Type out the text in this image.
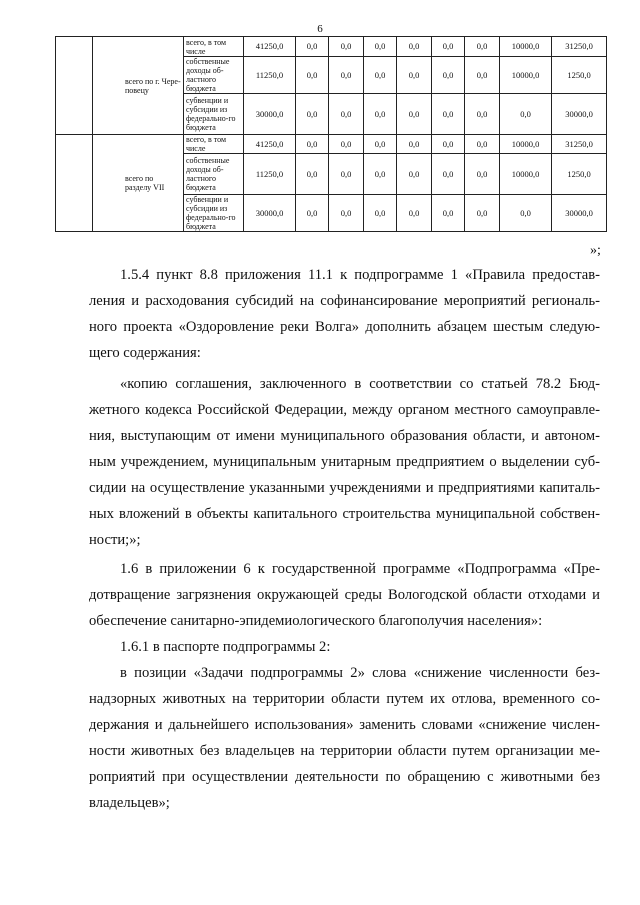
6
	всего по г. Чере-повецу	всего, в том числе	41250,0	0,0	0,0	0,0	0,0	0,0	0,0	10000,0	31250,0
		собственные доходы об-ластного бюджета	11250,0	0,0	0,0	0,0	0,0	0,0	0,0	10000,0	1250,0
		субвенции и субсидии из федерально-го бюджета	30000,0	0,0	0,0	0,0	0,0	0,0	0,0	0,0	30000,0
	всего по разделу VII	всего, в том числе	41250,0	0,0	0,0	0,0	0,0	0,0	0,0	10000,0	31250,0
		собственные доходы об-ластного бюджета	11250,0	0,0	0,0	0,0	0,0	0,0	0,0	10000,0	1250,0
		субвенции и субсидии из федерально-го бюджета	30000,0	0,0	0,0	0,0	0,0	0,0	0,0	0,0	30000,0
»;

1.5.4 пункт 8.8 приложения 11.1 к подпрограмме 1 «Правила предостав-ления и расходования субсидий на софинансирование мероприятий региональ-ного проекта «Оздоровление реки Волга» дополнить абзацем шестым следую-щего содержания:

«копию соглашения, заключенного в соответствии со статьей 78.2 Бюд-жетного кодекса Российской Федерации, между органом местного самоуправле-ния, выступающим от имени муниципального образования области, и автоном-ным учреждением, муниципальным унитарным предприятием о выделении суб-сидии на осуществление указанными учреждениями и предприятиями капиталь-ных вложений в объекты капитального строительства муниципальной собствен-ности;»;

1.6 в приложении 6 к государственной программе «Подпрограмма «Пре-дотвращение загрязнения окружающей среды Вологодской области отходами и обеспечение санитарно-эпидемиологического благополучия населения»:

1.6.1 в паспорте подпрограммы 2:

в позиции «Задачи подпрограммы 2» слова «снижение численности без-надзорных животных на территории области путем их отлова, временного со-держания и дальнейшего использования» заменить словами «снижение числен-ности животных без владельцев на территории области путем организации ме-роприятий при осуществлении деятельности по обращению с животными без владельцев»;
